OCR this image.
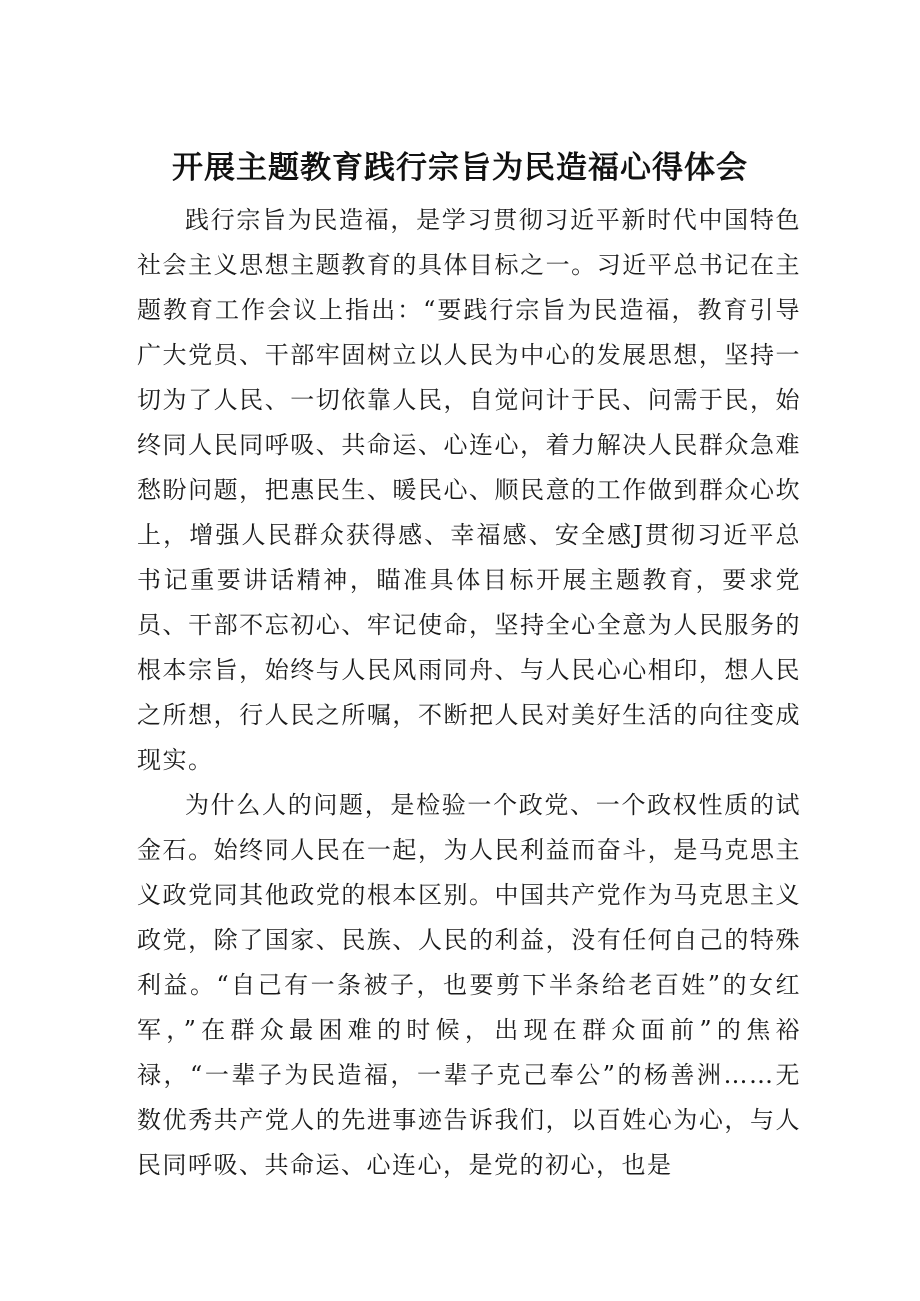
开展主题教育践行宗旨为民造福心得体会

践行宗旨为民造福，是学习贯彻习近平新时代中国特色社会主义思想主题教育的具体目标之一。习近平总书记在主题教育工作会议上指出：“要践行宗旨为民造福，教育引导广大党员、干部牢固树立以人民为中心的发展思想，坚持一切为了人民、一切依靠人民，自觉问计于民、问需于民，始终同人民同呼吸、共命运、心连心，着力解决人民群众急难愁盼问题，把惠民生、暖民心、顺民意的工作做到群众心坎上，增强人民群众获得感、幸福感、安全感J贯彻习近平总书记重要讲话精神，瞄准具体目标开展主题教育，要求党员、干部不忘初心、牢记使命，坚持全心全意为人民服务的根本宗旨，始终与人民风雨同舟、与人民心心相印，想人民之所想，行人民之所嘱，不断把人民对美好生活的向往变成现实。

为什么人的问题，是检验一个政党、一个政权性质的试金石。始终同人民在一起，为人民利益而奋斗，是马克思主义政党同其他政党的根本区别。中国共产党作为马克思主义政党，除了国家、民族、人民的利益，没有任何自己的特殊利益。“自己有一条被子，也要剪下半条给老百姓”的女红军，”在群众最困难的时候，出现在群众面前”的焦裕禄，“一辈子为民造福，一辈子克己奉公”的杨善洲……无数优秀共产党人的先进事迹告诉我们，以百姓心为心，与人民同呼吸、共命运、心连心，是党的初心，也是
